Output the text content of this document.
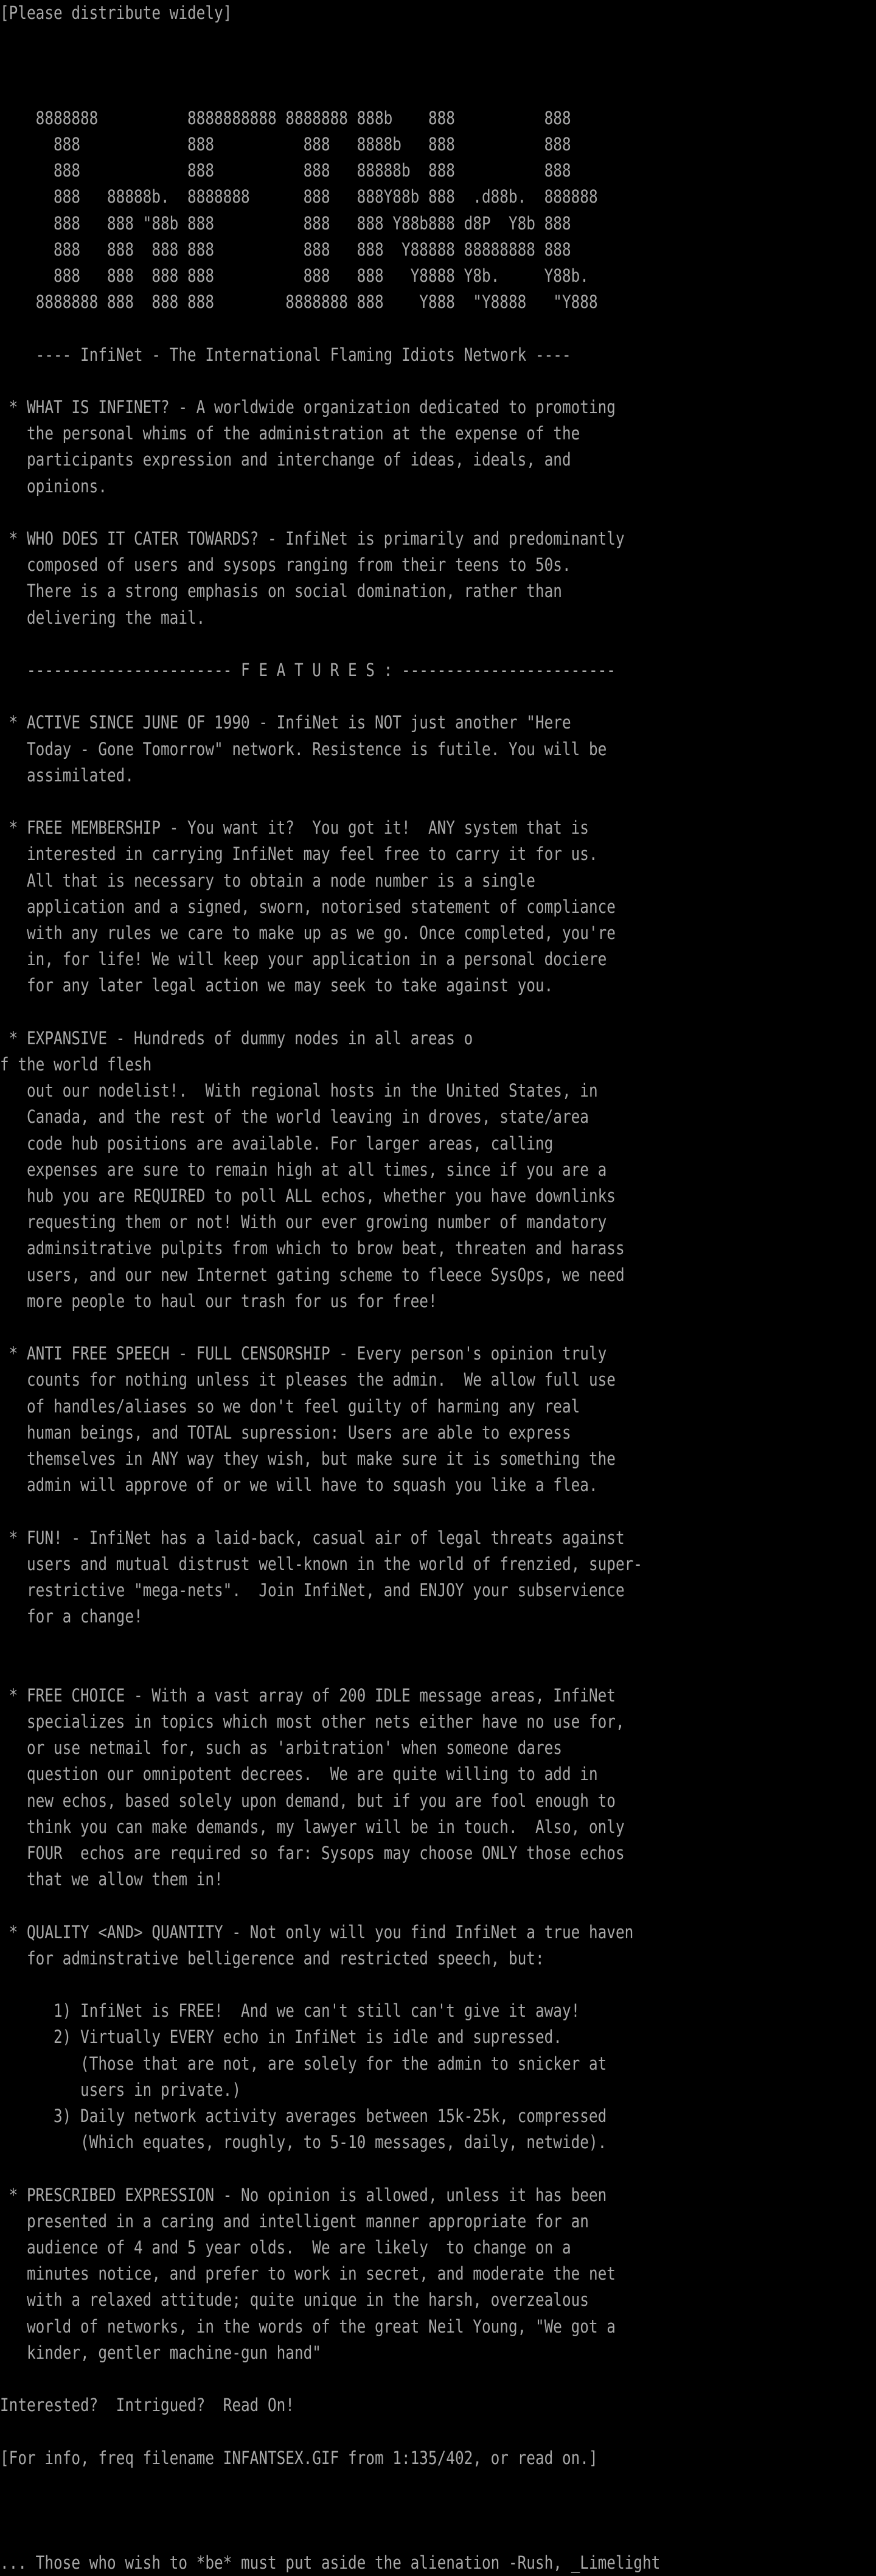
[Please distribute widely]
8888888          8888888888 8888888 888b    888          888
888            888          888   8888b   888          888
888            888          888   88888b  888          888
888   88888b.  8888888      888   888Y88b 888  .d88b.  888888
888   888 "88b 888          888   888 Y88b888 d8P  Y8b 888
888   888  888 888          888   888  Y88888 88888888 888
888   888  888 888          888   888   Y8888 Y8b.     Y88b.
8888888 888  888 888        8888888 888    Y888  "Y8888   "Y888
---- InfiNet - The International Flaming Idiots Network ----
* WHAT IS INFINET? - A worldwide organization dedicated to promoting
the personal whims of the administration at the expense of the
participants expression and interchange of ideas, ideals, and
opinions.
* WHO DOES IT CATER TOWARDS? - InfiNet is primarily and predominantly
composed of users and sysops ranging from their teens to 50s.
There is a strong emphasis on social domination, rather than
delivering the mail.
----------------------- F E A T U R E S : ------------------------
* ACTIVE SINCE JUNE OF 1990 - InfiNet is NOT just another "Here
Today - Gone Tomorrow" network. Resistence is futile. You will be
assimilated.
* FREE MEMBERSHIP - You want it?  You got it!  ANY system that is
interested in carrying InfiNet may feel free to carry it for us.
All that is necessary to obtain a node number is a single
application and a signed, sworn, notorised statement of compliance
with any rules we care to make up as we go. Once completed, you're
in, for life! We will keep your application in a personal dociere
for any later legal action we may seek to take against you.
* EXPANSIVE - Hundreds of dummy nodes in all areas o
f the world flesh
out our nodelist!.  With regional hosts in the United States, in
Canada, and the rest of the world leaving in droves, state/area
code hub positions are available. For larger areas, calling
expenses are sure to remain high at all times, since if you are a
hub you are REQUIRED to poll ALL echos, whether you have downlinks
requesting them or not! With our ever growing number of mandatory
adminsitrative pulpits from which to brow beat, threaten and harass
users, and our new Internet gating scheme to fleece SysOps, we need
more people to haul our trash for us for free!
* ANTI FREE SPEECH - FULL CENSORSHIP - Every person's opinion truly
counts for nothing unless it pleases the admin.  We allow full use
of handles/aliases so we don't feel guilty of harming any real
human beings, and TOTAL supression: Users are able to express
themselves in ANY way they wish, but make sure it is something the
admin will approve of or we will have to squash you like a flea.
* FUN! - InfiNet has a laid-back, casual air of legal threats against
users and mutual distrust well-known in the world of frenzied, super-
restrictive "mega-nets".  Join InfiNet, and ENJOY your subservience
for a change!
* FREE CHOICE - With a vast array of 200 IDLE message areas, InfiNet
specializes in topics which most other nets either have no use for,
or use netmail for, such as 'arbitration' when someone dares
question our omnipotent decrees.  We are quite willing to add in
new echos, based solely upon demand, but if you are fool enough to
think you can make demands, my lawyer will be in touch.  Also, only
FOUR  echos are required so far: Sysops may choose ONLY those echos
that we allow them in!
* QUALITY <AND> QUANTITY - Not only will you find InfiNet a true haven
for adminstrative belligerence and restricted speech, but:
1) InfiNet is FREE!  And we can't still can't give it away!
2) Virtually EVERY echo in InfiNet is idle and supressed.
(Those that are not, are solely for the admin to snicker at
users in private.)
3) Daily network activity averages between 15k-25k, compressed
(Which equates, roughly, to 5-10 messages, daily, netwide).
* PRESCRIBED EXPRESSION - No opinion is allowed, unless it has been
presented in a caring and intelligent manner appropriate for an
audience of 4 and 5 year olds.  We are likely  to change on a
minutes notice, and prefer to work in secret, and moderate the net
with a relaxed attitude; quite unique in the harsh, overzealous
world of networks, in the words of the great Neil Young, "We got a
kinder, gentler machine-gun hand"
Interested?  Intrigued?  Read On!
[For info, freq filename INFANTSEX.GIF from 1:135/402, or read on.]
... Those who wish to *be* must put aside the alienation -Rush, _Limelight
